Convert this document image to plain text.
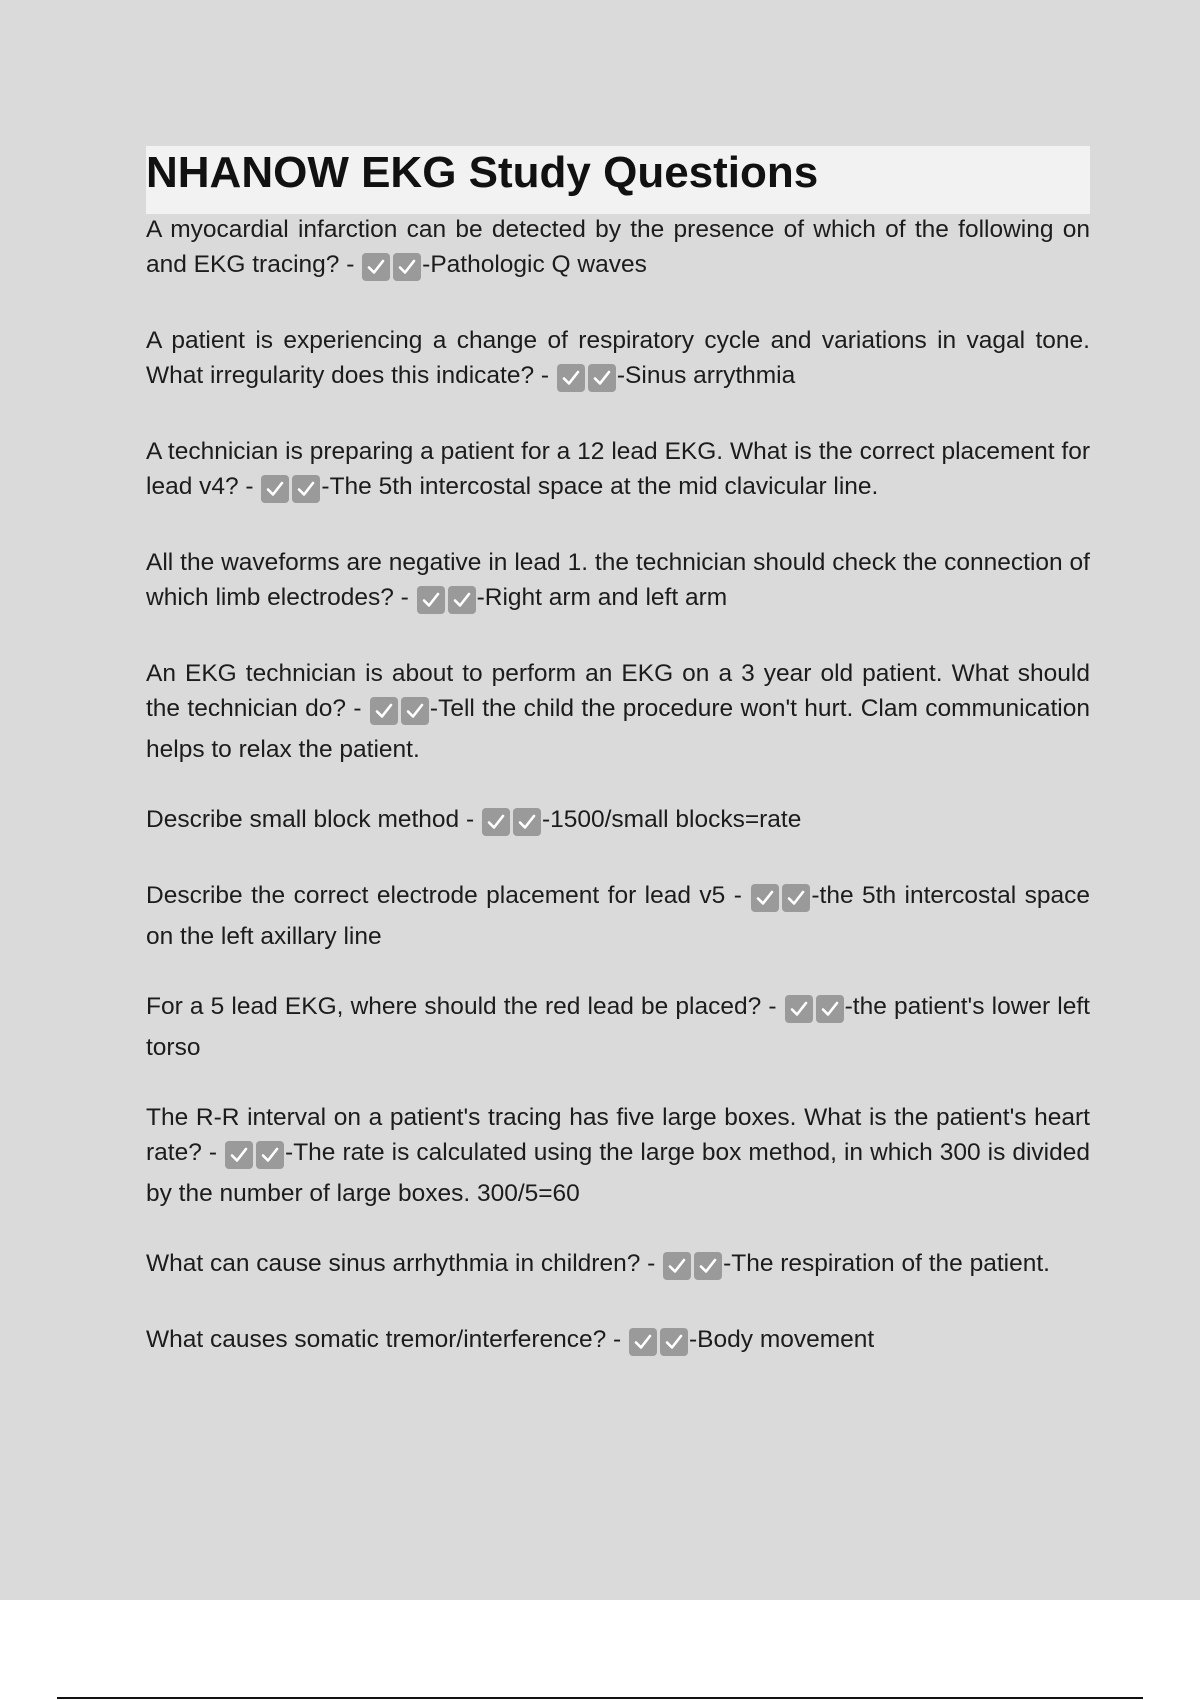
NHANOW EKG Study Questions

A myocardial infarction can be detected by the presence of which of the following on and EKG tracing? -
-Pathologic Q waves

A patient is experiencing a change of respiratory cycle and variations in vagal tone. What irregularity does this indicate? -
-Sinus arrythmia

A technician is preparing a patient for a 12 lead EKG. What is the correct placement for lead v4? -
-The 5th intercostal space at the mid clavicular line.

All the waveforms are negative in lead 1. the technician should check the connection of which limb electrodes? -
-Right arm and left arm

An EKG technician is about to perform an EKG on a 3 year old patient. What should the technician do? -
-Tell the child the procedure won't hurt. Clam communication helps to relax the patient.

Describe small block method -
-1500/small blocks=rate

Describe the correct electrode placement for lead v5 -
-the 5th intercostal space on the left axillary line

For a 5 lead EKG, where should the red lead be placed? -
-the patient's lower left torso

The R-R interval on a patient's tracing has five large boxes. What is the patient's heart rate? -
-The rate is calculated using the large box method, in which 300 is divided by the number of large boxes. 300/5=60

What can cause sinus arrhythmia in children? -
-The respiration of the patient.

What causes somatic tremor/interference? -
-Body movement
